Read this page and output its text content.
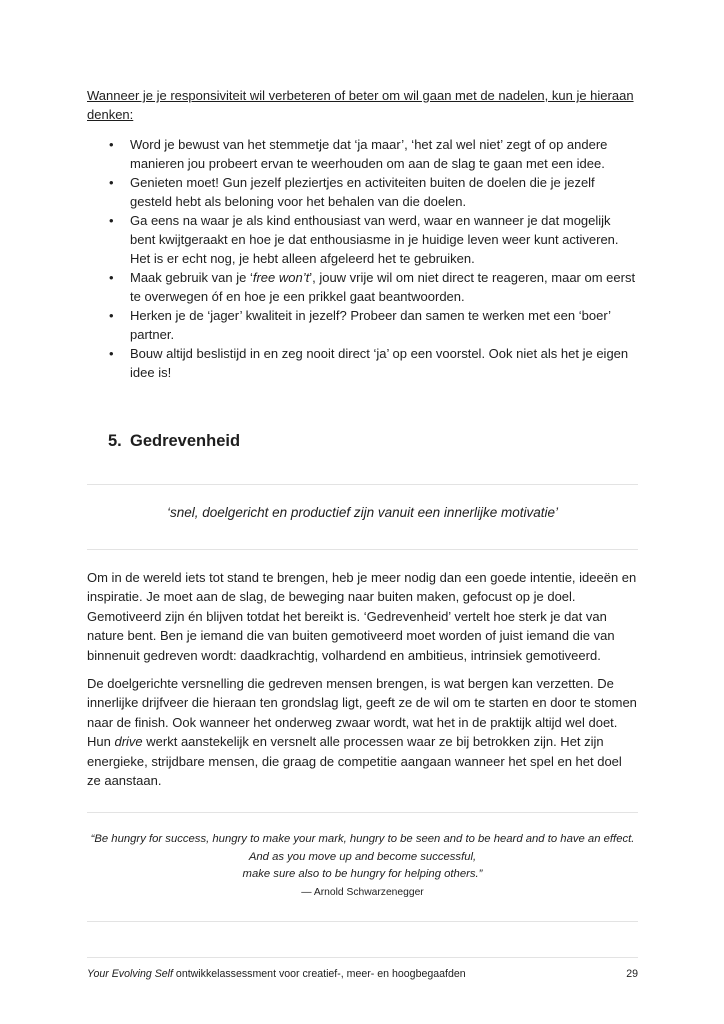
Wanneer je je responsiviteit wil verbeteren of beter om wil gaan met de nadelen, kun je hieraan denken:
• Word je bewust van het stemmetje dat ‘ja maar’, ‘het zal wel niet’ zegt of op andere manieren jou probeert ervan te weerhouden om aan de slag te gaan met een idee.
• Genieten moet! Gun jezelf pleziertjes en activiteiten buiten de doelen die je jezelf gesteld hebt als beloning voor het behalen van die doelen.
• Ga eens na waar je als kind enthousiast van werd, waar en wanneer je dat mogelijk bent kwijtgeraakt en hoe je dat enthousiasme in je huidige leven weer kunt activeren. Het is er echt nog, je hebt alleen afgeleerd het te gebruiken.
• Maak gebruik van je ‘free won’t’, jouw vrije wil om niet direct te reageren, maar om eerst te overwegen óf en hoe je een prikkel gaat beantwoorden.
• Herken je de ‘jager’ kwaliteit in jezelf? Probeer dan samen te werken met een ‘boer’ partner.
• Bouw altijd beslistijd in en zeg nooit direct ‘ja’ op een voorstel. Ook niet als het je eigen idee is!
5. Gedrevenheid
‘snel, doelgericht en productief zijn vanuit een innerlijke motivatie’

Om in de wereld iets tot stand te brengen, heb je meer nodig dan een goede intentie, ideeën en inspiratie. Je moet aan de slag, de beweging naar buiten maken, gefocust op je doel. Gemotiveerd zijn én blijven totdat het bereikt is. ‘Gedrevenheid’ vertelt hoe sterk je dat van nature bent. Ben je iemand die van buiten gemotiveerd moet worden of juist iemand die van binnenuit gedreven wordt: daadkrachtig, volhardend en ambitieus, intrinsiek gemotiveerd.

De doelgerichte versnelling die gedreven mensen brengen, is wat bergen kan verzetten. De innerlijke drijfveer die hieraan ten grondslag ligt, geeft ze de wil om te starten en door te stomen naar de finish. Ook wanneer het onderweg zwaar wordt, wat het in de praktijk altijd wel doet. Hun drive werkt aanstekelijk en versnelt alle processen waar ze bij betrokken zijn. Het zijn energieke, strijdbare mensen, die graag de competitie aangaan wanneer het spel en het doel ze aanstaan.

“Be hungry for success, hungry to make your mark, hungry to be seen and to be heard and to have an effect.
And as you move up and become successful,
make sure also to be hungry for helping others.”
— Arnold Schwarzenegger
Your Evolving Self ontwikkelassessment voor creatief-, meer- en hoogbegaafden	29
